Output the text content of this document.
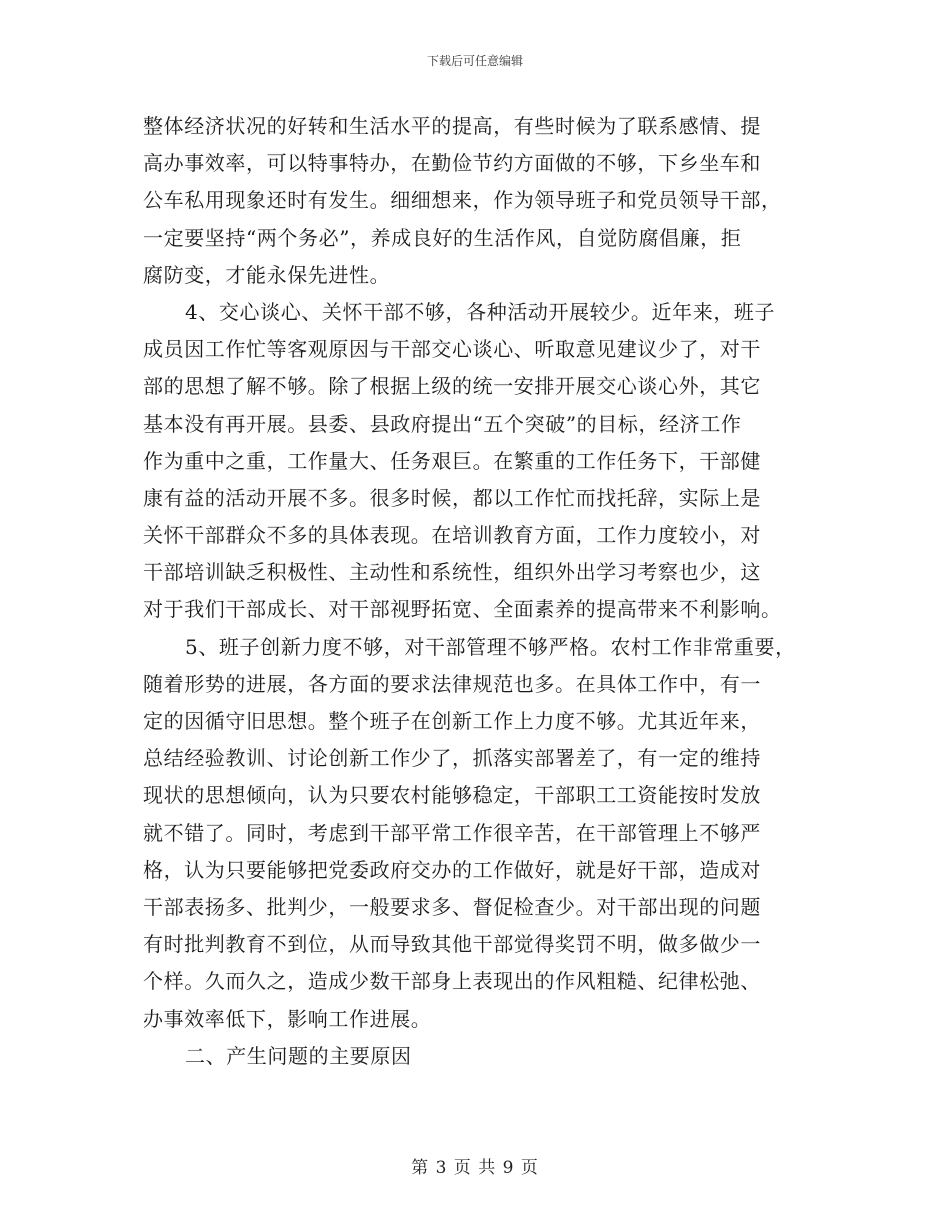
下载后可任意编辑
整体经济状况的好转和生活水平的提高，有些时候为了联系感情、提
高办事效率，可以特事特办，在勤俭节约方面做的不够，下乡坐车和
公车私用现象还时有发生。细细想来，作为领导班子和党员领导干部，
一定要坚持“两个务必”，养成良好的生活作风，自觉防腐倡廉，拒
腐防变，才能永保先进性。
4、交心谈心、关怀干部不够，各种活动开展较少。近年来，班子
成员因工作忙等客观原因与干部交心谈心、听取意见建议少了，对干
部的思想了解不够。除了根据上级的统一安排开展交心谈心外，其它
基本没有再开展。县委、县政府提出“五个突破”的目标，经济工作
作为重中之重，工作量大、任务艰巨。在繁重的工作任务下，干部健
康有益的活动开展不多。很多时候，都以工作忙而找托辞，实际上是
关怀干部群众不多的具体表现。在培训教育方面，工作力度较小，对
干部培训缺乏积极性、主动性和系统性，组织外出学习考察也少，这
对于我们干部成长、对干部视野拓宽、全面素养的提高带来不利影响。
5、班子创新力度不够，对干部管理不够严格。农村工作非常重要，
随着形势的进展，各方面的要求法律规范也多。在具体工作中，有一
定的因循守旧思想。整个班子在创新工作上力度不够。尤其近年来，
总结经验教训、讨论创新工作少了，抓落实部署差了，有一定的维持
现状的思想倾向，认为只要农村能够稳定，干部职工工资能按时发放
就不错了。同时，考虑到干部平常工作很辛苦，在干部管理上不够严
格，认为只要能够把党委政府交办的工作做好，就是好干部，造成对
干部表扬多、批判少，一般要求多、督促检查少。对干部出现的问题
有时批判教育不到位，从而导致其他干部觉得奖罚不明，做多做少一
个样。久而久之，造成少数干部身上表现出的作风粗糙、纪律松弛、
办事效率低下，影响工作进展。
二、产生问题的主要原因
第 3 页 共 9 页
